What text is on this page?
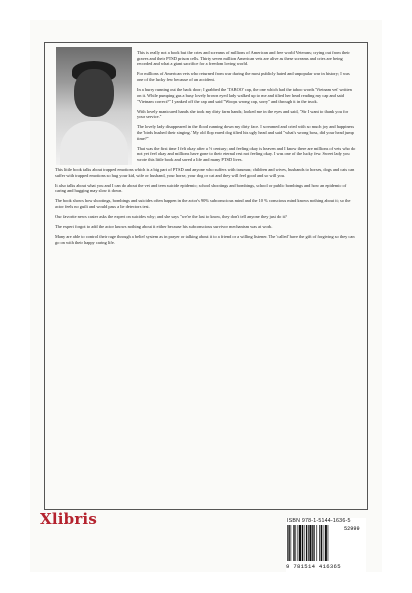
This is really not a book but the cries and screams of millions of American and free world Veterans; crying out from their graves and their PTSD prison cells. Thirty seven million American vets are alive as these screams and cries are being recorded and what a giant sacrifice for a freedom loving world.

For millions of American vets who returned from war during the most publicly hated and unpopular war in history; I was one of the lucky few because of an accident.

In a hurry running out the back door; I grabbed the 'TABOO' cap, the one which had the taboo words 'Vietnam vet' written on it. While pumping gas a busy lovely brown eyed lady walked up to me and tilted her head reading my cap and said "Vietnam correct?" I yanked off the cap and said "Woops wrong cap, sorry" and through it in the truck.

With lovely manicured hands she took my dirty farm hands; looked me in the eyes and said, "Sir I want to thank you for your service."

The lovely lady disappeared in the flood running down my dirty face. I screamed and cried with so much joy and happiness the 'birds hushed their singing.' My old flop eared dog tilted his ugly head and said "what's wrong boss, did your head jump time?"

That was the first time I felt okay after a ½ century; and feeling okay is heaven and I know there are millions of vets who do not yet feel okay and millions have gone to their eternal rest not feeling okay. I was one of the lucky few. Sweet lady you wrote this little book and saved a life and many PTSD lives.

This little book talks about trapped emotions which is a big part of PTSD and anyone who suffers with traumas; children and wives, husbands to horses, dogs and cats can suffer with trapped emotions so hug your kid, wife or husband, your horse, your dog or cat and they will feel good and so will you.

It also talks about what you and I can do about the vet and teen suicide epidemic; school shootings and bombings, school or public bombings and how an epidemic of caring and hugging may slow it down.

The book shows how shootings, bombings and suicides often happen in the actor's 90% subconscious mind and the 10 % conscious mind knows nothing about it; so the actor feels no guilt and would pass a lie detectors test.

Our favorite news caster asks the expert on suicides why; and she says "we're the last to know, they don't tell anyone they just do it?

The expert forgot to add the actor knows nothing about it either because his subconscious survivor mechanism was at work.

Many are able to control their rage through a belief system as in prayer or talking about it to a friend or a willing listener. The 'called' have the gift of forgiving so they can go on with their happy caring life.

Xlibris	ISBN 978-1-5144-1636-5
9 781514 416365
52999
